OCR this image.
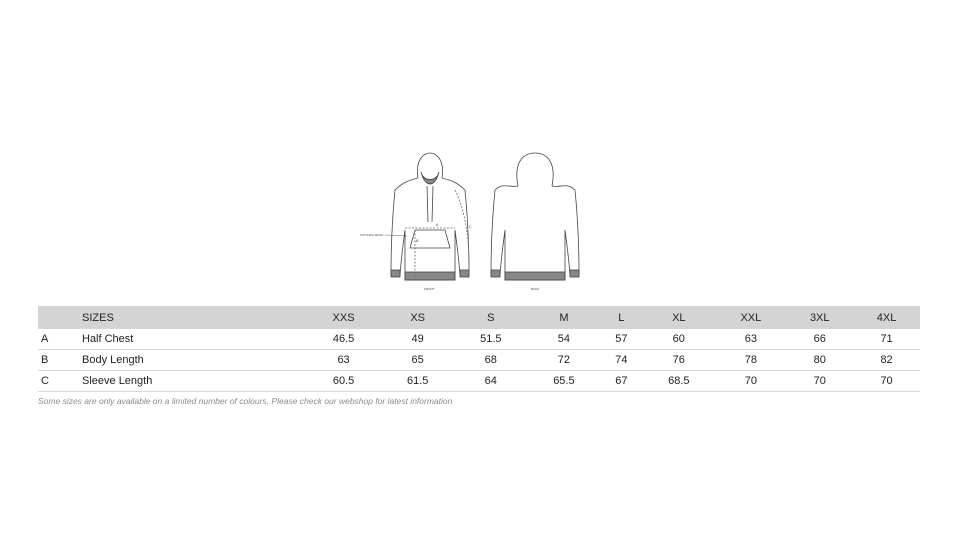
A
B
C
STITCHING DETAIL
FRONT	BACK
	SIZES	XXS	XS	S	M	L	XL	XXL	3XL	4XL
A	Half Chest	46.5	49	51.5	54	57	60	63	66	71
B	Body Length	63	65	68	72	74	76	78	80	82
C	Sleeve Length	60.5	61.5	64	65.5	67	68.5	70	70	70
Some sizes are only available on a limited number of colours. Please check our webshop for latest information
